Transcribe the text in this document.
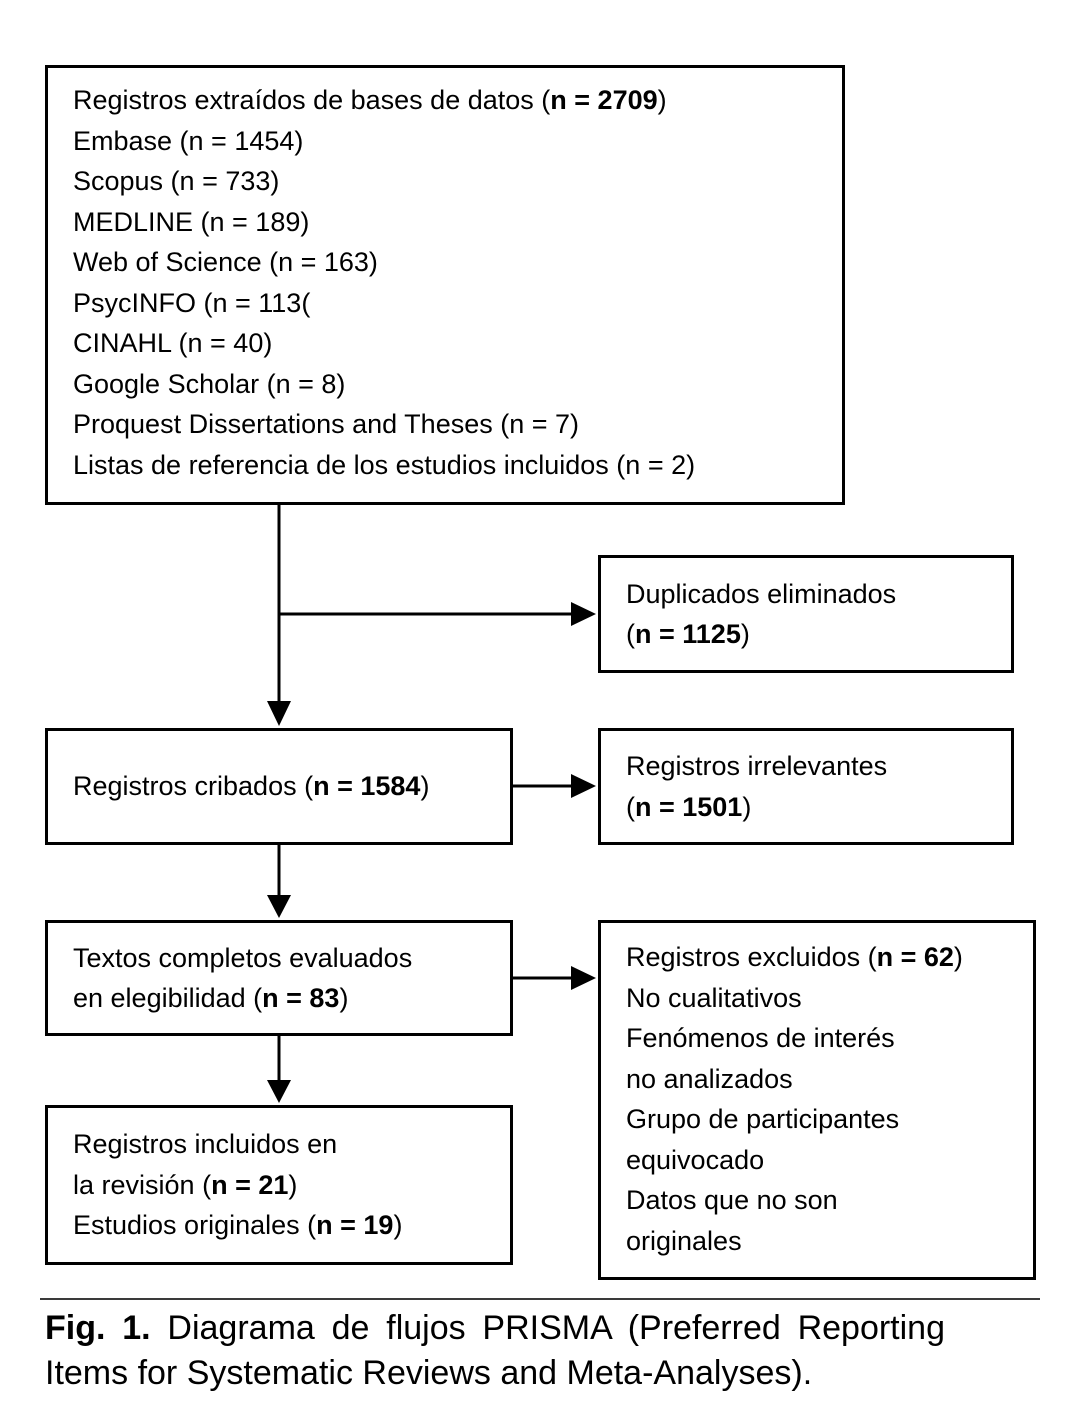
Registros extraídos de bases de datos (n = 2709)

Embase (n = 1454)

Scopus (n = 733)

MEDLINE (n = 189)

Web of Science (n = 163)

PsycINFO (n = 113(

CINAHL (n = 40)

Google Scholar (n = 8)

Proquest Dissertations and Theses (n = 7)

Listas de referencia de los estudios incluidos (n = 2)

Duplicados eliminados (n = 1125)

Registros cribados (n = 1584)

Registros irrelevantes (n = 1501)

Textos completos evaluados en elegibilidad (n = 83)

Registros excluidos (n = 62)

No cualitativos

Fenómenos de interés no analizados

Grupo de participantes equivocado

Datos que no son originales

Registros incluidos en la revisión (n = 21)

Estudios originales (n = 19)

Fig. 1. Diagrama de flujos PRISMA (Preferred Reporting Items for Systematic Reviews and Meta-Analyses).
